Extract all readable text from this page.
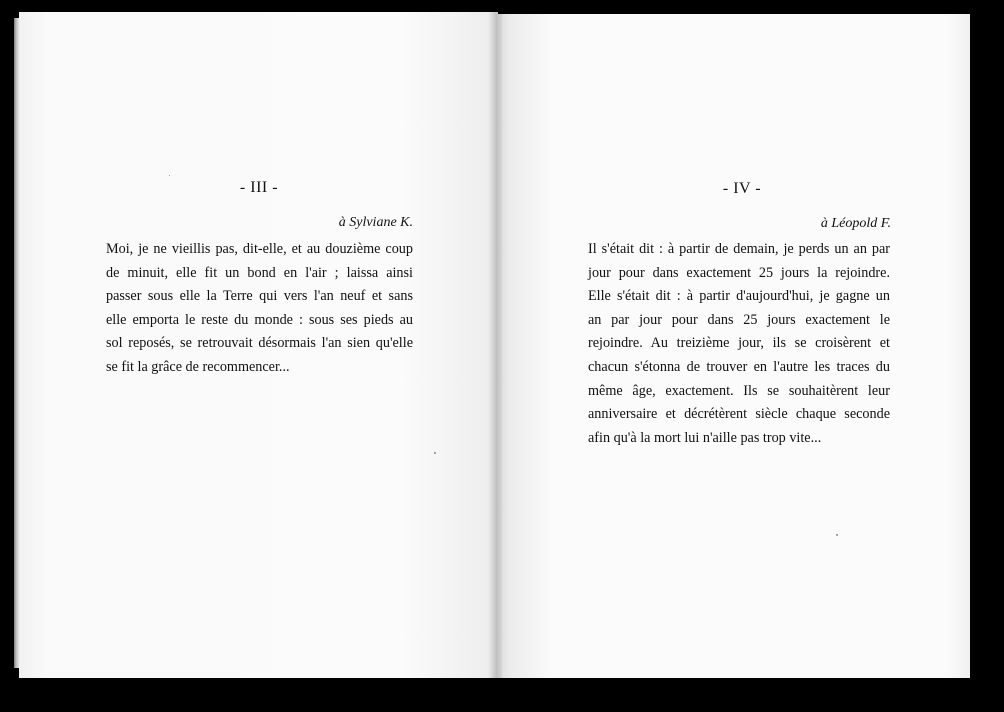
- III -
à Sylviane K.
Moi, je ne vieillis pas, dit-elle, et au douzième coup
de minuit, elle fit un bond en l'air ; laissa ainsi
passer sous elle la Terre qui vers l'an neuf et sans
elle emporta le reste du monde : sous ses pieds au
sol reposés, se retrouvait désormais l'an sien qu'elle
se fit la grâce de recommencer...
- IV -
à Léopold F.
Il s'était dit : à partir de demain, je perds un an par
jour pour dans exactement 25 jours la rejoindre.
Elle s'était dit : à partir d'aujourd'hui, je gagne un
an par jour pour dans 25 jours exactement le
rejoindre. Au treizième jour, ils se croisèrent et
chacun s'étonna de trouver en l'autre les traces du
même âge, exactement. Ils se souhaitèrent leur
anniversaire et décrétèrent siècle chaque seconde
afin qu'à la mort lui n'aille pas trop vite...
